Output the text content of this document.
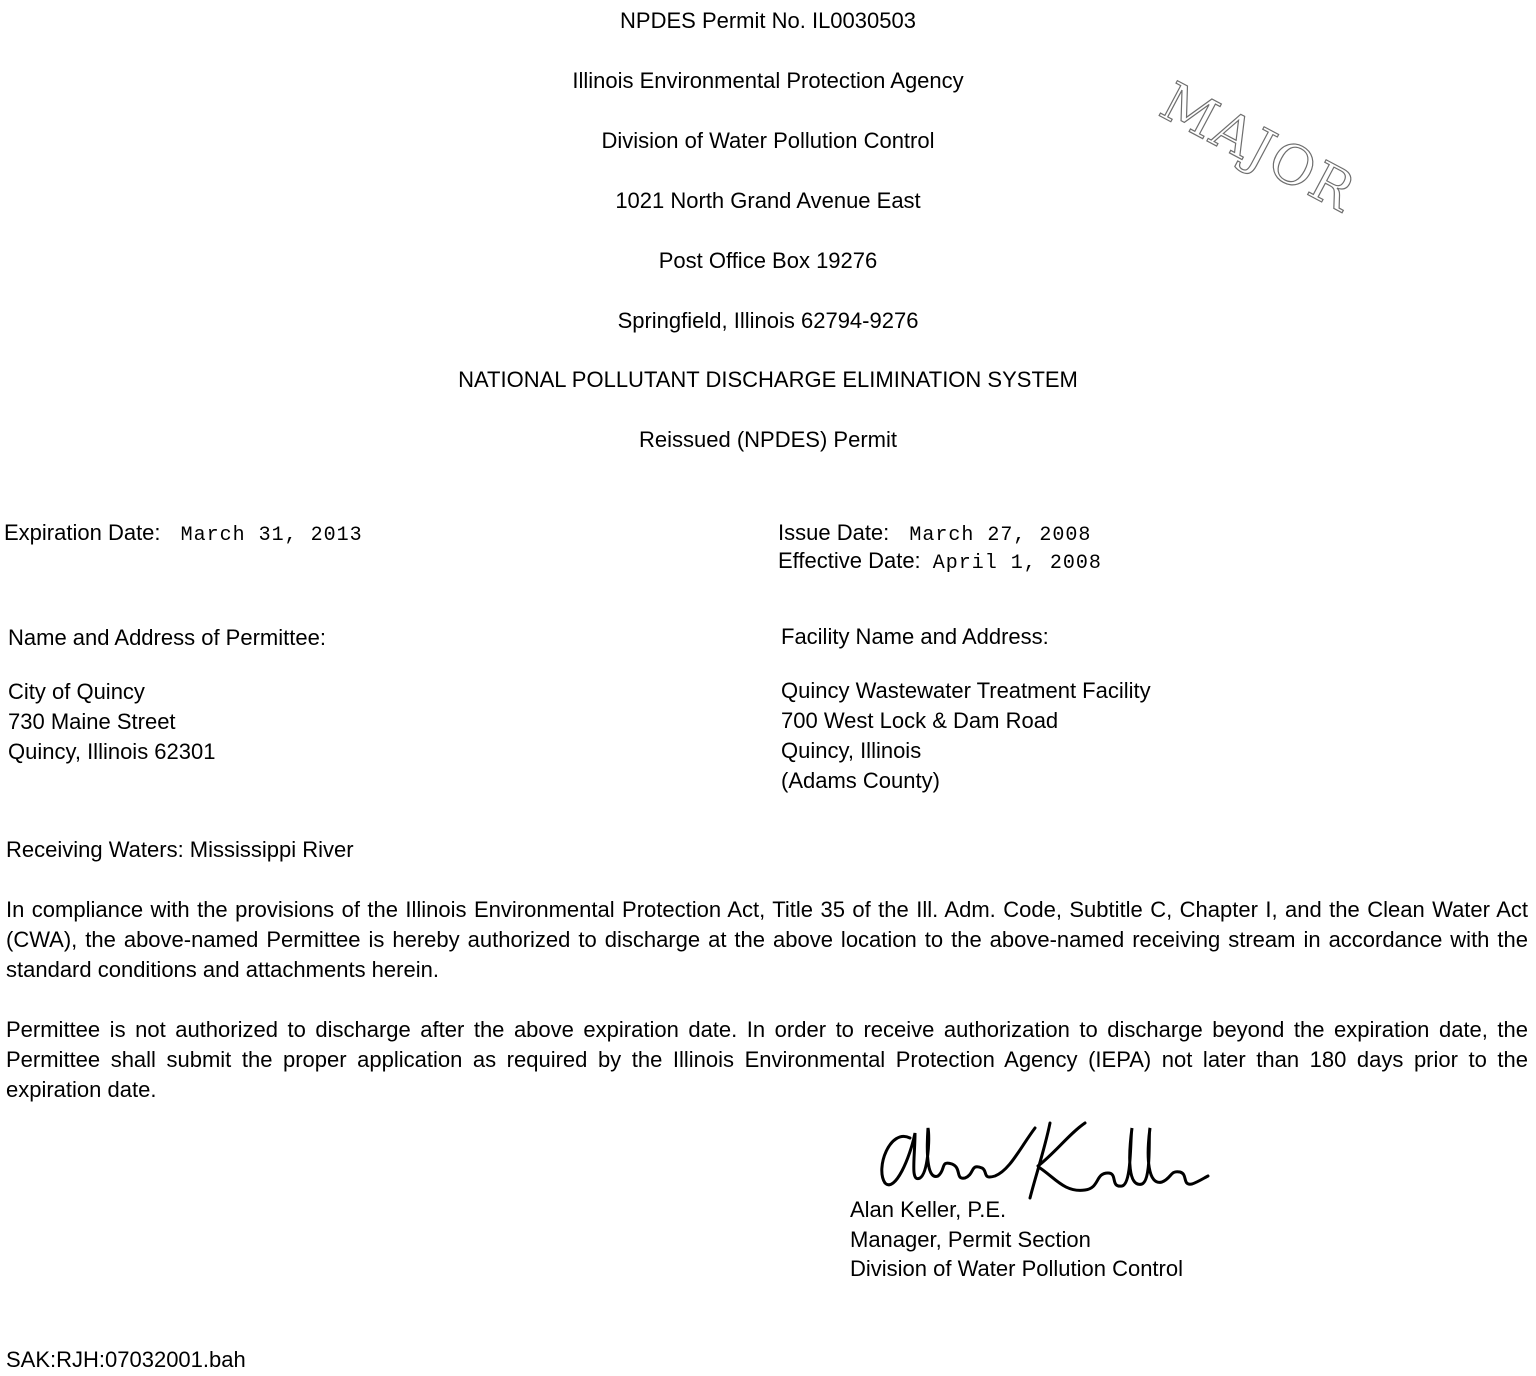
NPDES Permit No. IL0030503
Illinois Environmental Protection Agency
Division of Water Pollution Control
1021 North Grand Avenue East
Post Office Box 19276
Springfield, Illinois 62794-9276
NATIONAL POLLUTANT DISCHARGE ELIMINATION SYSTEM
Reissued (NPDES) Permit
MAJOR
Expiration Date: March 31, 2013	Issue Date: March 27, 2008
Effective Date: April 1, 2008
Name and Address of Permittee:
City of Quincy
730 Maine Street
Quincy, Illinois 62301
Facility Name and Address:
Quincy Wastewater Treatment Facility
700 West Lock & Dam Road
Quincy, Illinois
(Adams County)
Receiving Waters: Mississippi River
In compliance with the provisions of the Illinois Environmental Protection Act, Title 35 of the Ill. Adm. Code, Subtitle C, Chapter I, and the Clean Water Act (CWA), the above-named Permittee is hereby authorized to discharge at the above location to the above-named receiving stream in accordance with the standard conditions and attachments herein.
Permittee is not authorized to discharge after the above expiration date. In order to receive authorization to discharge beyond the expiration date, the Permittee shall submit the proper application as required by the Illinois Environmental Protection Agency (IEPA) not later than 180 days prior to the expiration date.
Alan Keller, P.E.
Manager, Permit Section
Division of Water Pollution Control
SAK:RJH:07032001.bah
